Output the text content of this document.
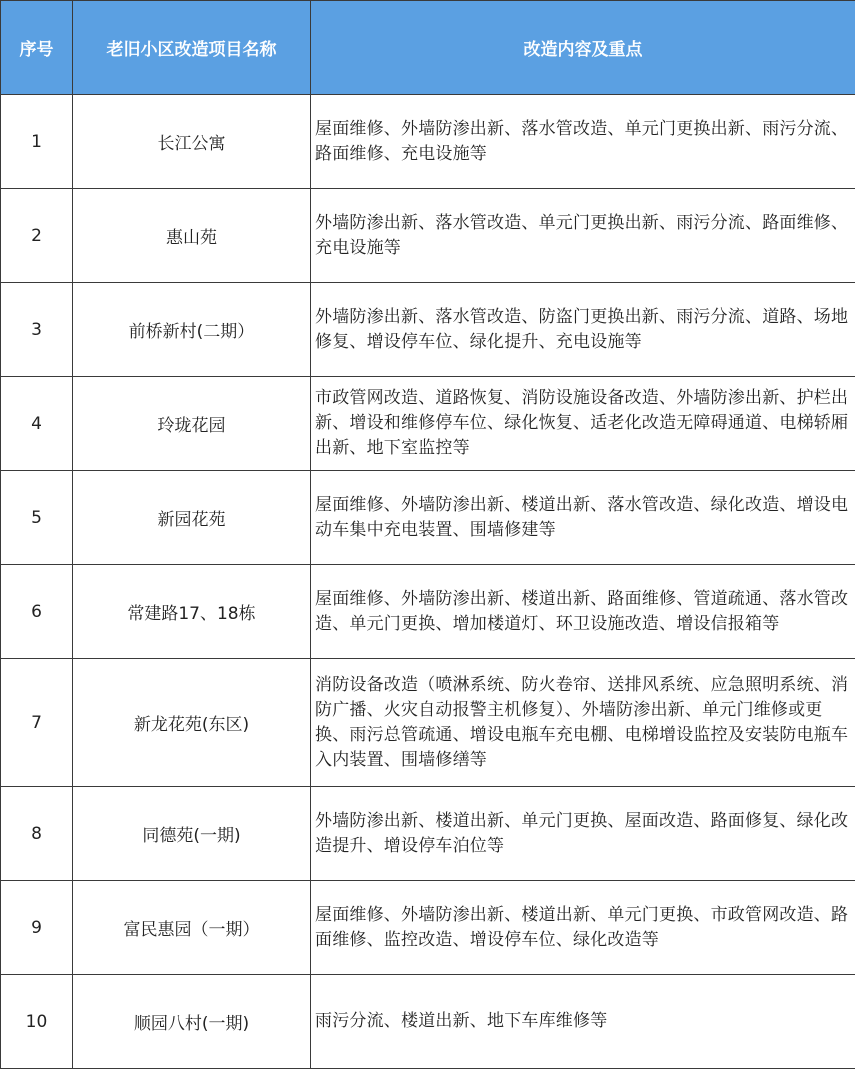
序号	老旧小区改造项目名称	改造内容及重点
1	长江公寓	屋面维修、外墙防渗出新、落水管改造、单元门更换出新、雨污分流、路面维修、充电设施等
2	惠山苑	外墙防渗出新、落水管改造、单元门更换出新、雨污分流、路面维修、充电设施等
3	前桥新村(二期）	外墙防渗出新、落水管改造、防盗门更换出新、雨污分流、道路、场地修复、增设停车位、绿化提升、充电设施等
4	玲珑花园	市政管网改造、道路恢复、消防设施设备改造、外墙防渗出新、护栏出新、增设和维修停车位、绿化恢复、适老化改造无障碍通道、电梯轿厢出新、地下室监控等
5	新园花苑	屋面维修、外墙防渗出新、楼道出新、落水管改造、绿化改造、增设电动车集中充电装置、围墙修建等
6	常建路17、18栋	屋面维修、外墙防渗出新、楼道出新、路面维修、管道疏通、落水管改造、单元门更换、增加楼道灯、环卫设施改造、增设信报箱等
7	新龙花苑(东区)	消防设备改造（喷淋系统、防火卷帘、送排风系统、应急照明系统、消防广播、火灾自动报警主机修复）、外墙防渗出新、单元门维修或更换、雨污总管疏通、增设电瓶车充电棚、电梯增设监控及安装防电瓶车入内装置、围墙修缮等
8	同德苑(一期)	外墙防渗出新、楼道出新、单元门更换、屋面改造、路面修复、绿化改造提升、增设停车泊位等
9	富民惠园（一期）	屋面维修、外墙防渗出新、楼道出新、单元门更换、市政管网改造、路面维修、监控改造、增设停车位、绿化改造等
10	顺园八村(一期)	雨污分流、楼道出新、地下车库维修等
